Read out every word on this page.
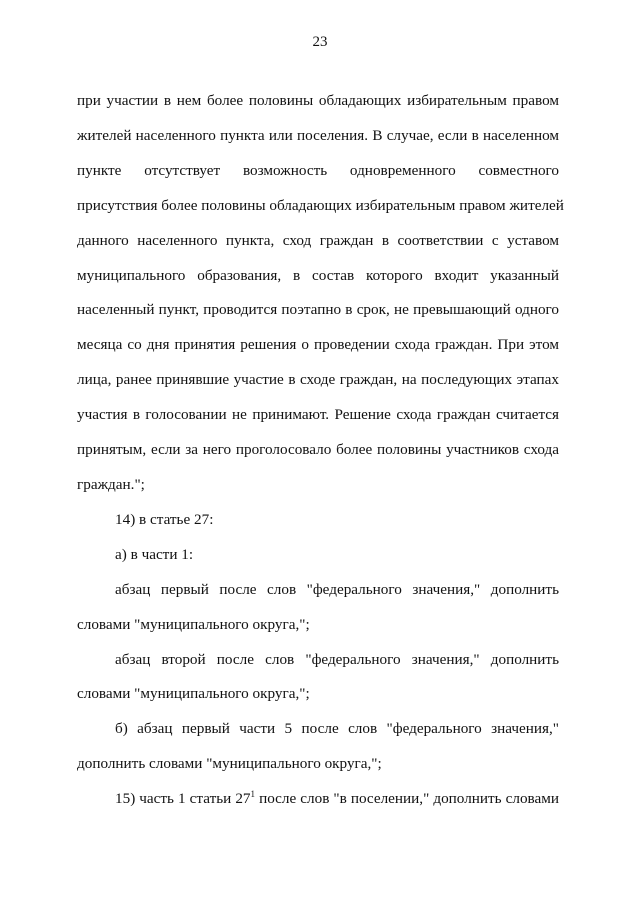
23

при участии в нем более половины обладающих избирательным правом
жителей населенного пункта или поселения. В случае, если в населенном
пункте отсутствует возможность одновременного совместного
присутствия более половины обладающих избирательным правом жителей
данного населенного пункта, сход граждан в соответствии с уставом
муниципального образования, в состав которого входит указанный
населенный пункт, проводится поэтапно в срок, не превышающий одного
месяца со дня принятия решения о проведении схода граждан. При этом
лица, ранее принявшие участие в сходе граждан, на последующих этапах
участия в голосовании не принимают. Решение схода граждан считается
принятым, если за него проголосовало более половины участников схода
граждан.";

14) в статье 27:

а) в части 1:

абзац первый после слов "федерального значения," дополнить
словами "муниципального округа,";

абзац второй после слов "федерального значения," дополнить
словами "муниципального округа,";

б) абзац первый части 5 после слов "федерального значения,"
дополнить словами "муниципального округа,";

15) часть 1 статьи $27^1$ после слов "в поселении," дополнить словами
